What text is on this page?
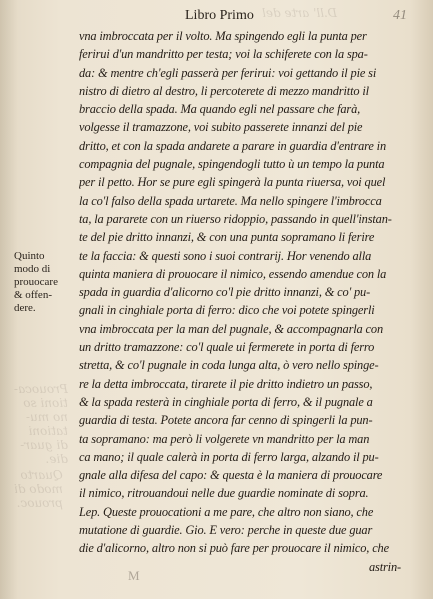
Prouoca-
tioni so
no mu-
tationi
di guar-
die.
Quarto
modo di
prouoc.
D.ll' arte del
Libro Primo	41
Quinto
modo di
prouocare
& offen-
dere.
vna imbroccata per il volto. Ma spingendo egli la punta per
ferirui d'un mandritto per testa; voi la schiferete con la spa-
da: & mentre ch'egli passerà per ferirui: voi gettando il pie si
nistro di dietro al destro, li percoterete di mezzo mandritto il
braccio della spada. Ma quando egli nel passare che farà,
volgesse il tramazzone, voi subito passerete innanzi del pie
dritto, et con la spada andarete a parare in guardia d'entrare in
compagnia del pugnale, spingendogli tutto ù un tempo la punta
per il petto. Hor se pure egli spingerà la punta riuersa, voi quel
la co'l falso della spada urtarete. Ma nello spingere l'imbrocca
ta, la pararete con un riuerso ridoppio, passando in quell'instan-
te del pie dritto innanzi, & con una punta sopramano li ferire
te la faccia: & questi sono i suoi contrarij. Hor venendo alla
quinta maniera di prouocare il nimico, essendo amendue con la
spada in guardia d'alicorno co'l pie dritto innanzi, & co' pu-
gnali in cinghiale porta di ferro: dico che voi potete spingerli
vna imbroccata per la man del pugnale, & accompagnarla con
un dritto tramazzone: co'l quale ui fermerete in porta di ferro
stretta, & co'l pugnale in coda lunga alta, ò vero nello spinge-
re la detta imbroccata, tirarete il pie dritto indietro un passo,
& la spada resterà in cinghiale porta di ferro, & il pugnale a
guardia di testa. Potete ancora far cenno di spingerli la pun-
ta sopramano: ma però li volgerete vn mandritto per la man
ca mano; il quale calerà in porta di ferro larga, alzando il pu-
gnale alla difesa del capo: & questa è la maniera di prouocare
il nimico, ritrouandoui nelle due guardie nominate di sopra.
Lep. Queste prouocationi a me pare, che altro non siano, che
mutatione di guardie. Gio. E vero: perche in queste due guar
die d'alicorno, altro non si può fare per prouocare il nimico, che
astrin-
M
